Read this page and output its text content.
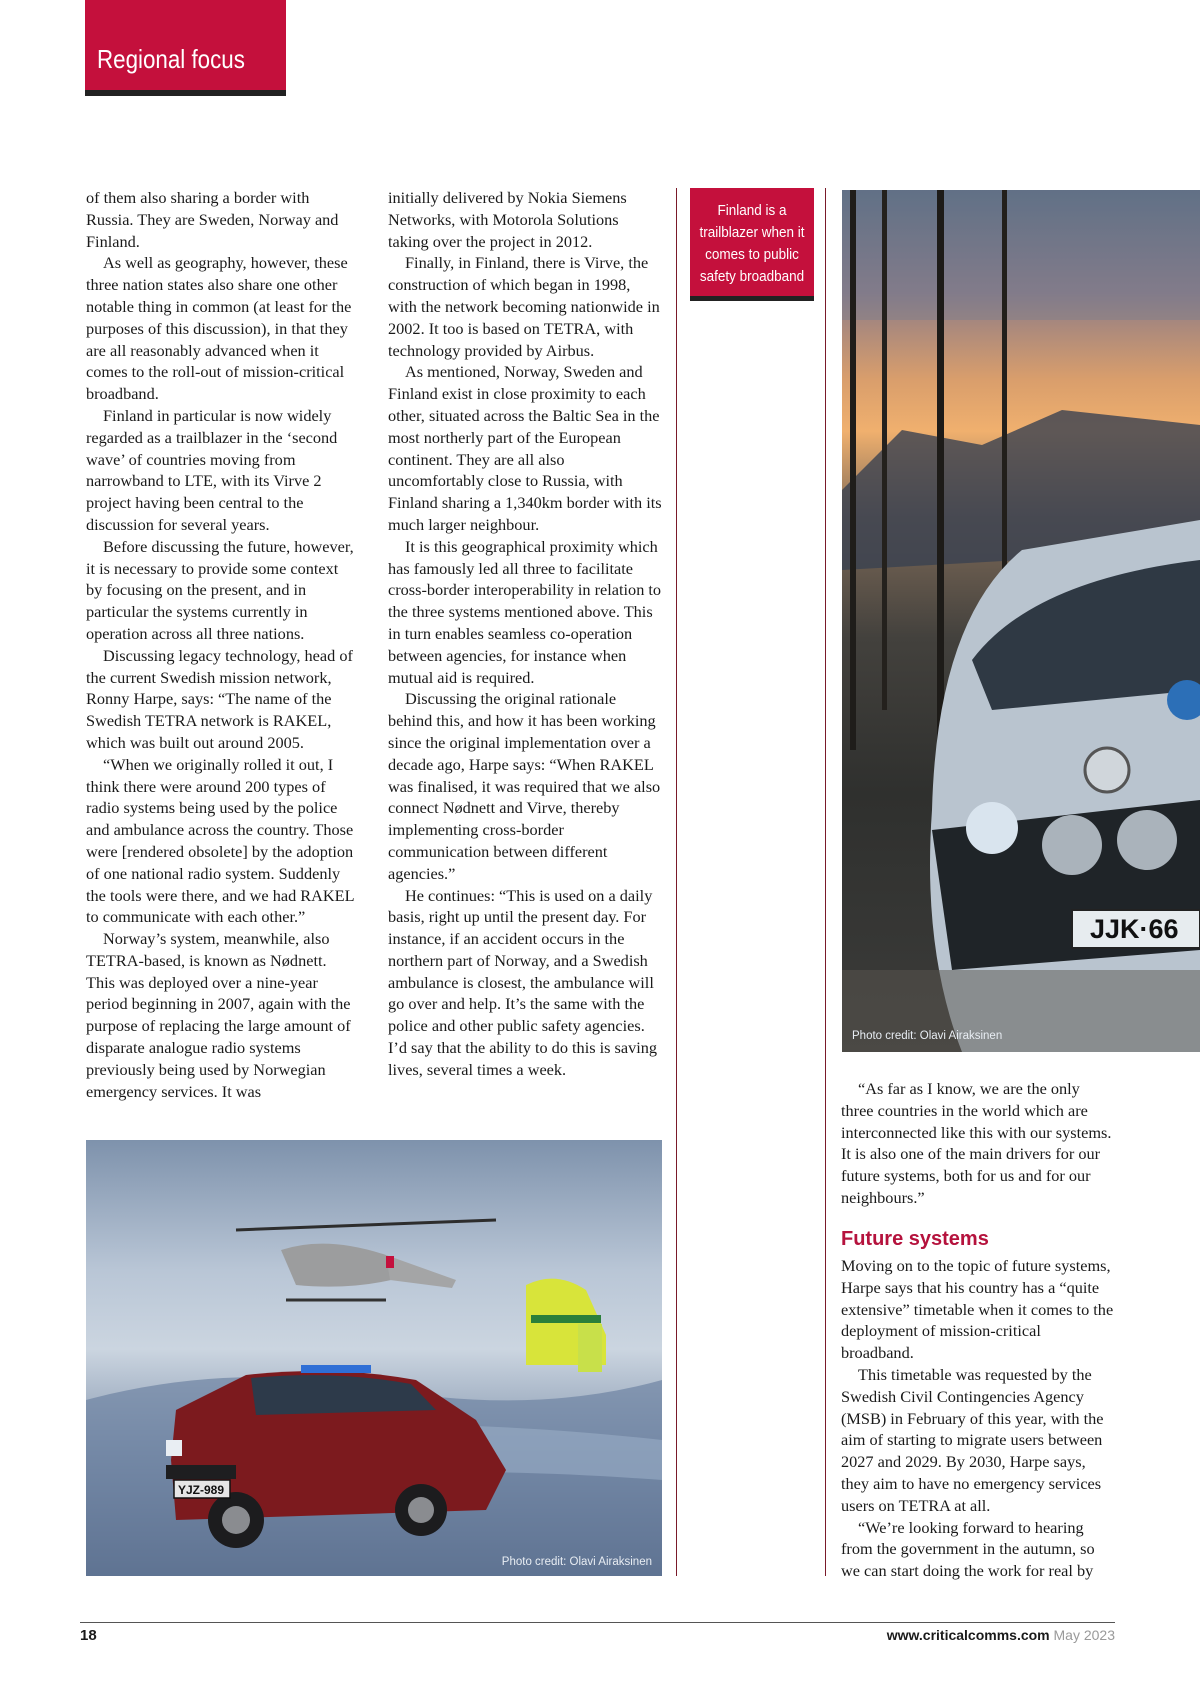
Regional focus

of them also sharing a border with Russia. They are Sweden, Norway and Finland.

As well as geography, however, these three nation states also share one other notable thing in common (at least for the purposes of this discussion), in that they are all reasonably advanced when it comes to the roll-out of mission-critical broadband.

Finland in particular is now widely regarded as a trailblazer in the ‘second wave’ of countries moving from narrowband to LTE, with its Virve 2 project having been central to the discussion for several years.

Before discussing the future, however, it is necessary to provide some context by focusing on the present, and in particular the systems currently in operation across all three nations.

Discussing legacy technology, head of the current Swedish mission network, Ronny Harpe, says: “The name of the Swedish TETRA network is RAKEL, which was built out around 2005.

“When we originally rolled it out, I think there were around 200 types of radio systems being used by the police and ambulance across the country. Those were [rendered obsolete] by the adoption of one national radio system. Suddenly the tools were there, and we had RAKEL to communicate with each other.”

Norway’s system, meanwhile, also TETRA-based, is known as Nødnett. This was deployed over a nine-year period beginning in 2007, again with the purpose of replacing the large amount of disparate analogue radio systems previously being used by Norwegian emergency services. It was

initially delivered by Nokia Siemens Networks, with Motorola Solutions taking over the project in 2012.

Finally, in Finland, there is Virve, the construction of which began in 1998, with the network becoming nationwide in 2002. It too is based on TETRA, with technology provided by Airbus.

As mentioned, Norway, Sweden and Finland exist in close proximity to each other, situated across the Baltic Sea in the most northerly part of the European continent. They are all also uncomfortably close to Russia, with Finland sharing a 1,340km border with its much larger neighbour.

It is this geographical proximity which has famously led all three to facilitate cross-border interoperability in relation to the three systems mentioned above. This in turn enables seamless co-operation between agencies, for instance when mutual aid is required.

Discussing the original rationale behind this, and how it has been working since the original implementation over a decade ago, Harpe says: “When RAKEL was finalised, it was required that we also connect Nødnett and Virve, thereby implementing cross-border communication between different agencies.”

He continues: “This is used on a daily basis, right up until the present day. For instance, if an accident occurs in the northern part of Norway, and a Swedish ambulance is closest, the ambulance will go over and help. It’s the same with the police and other public safety agencies. I’d say that the ability to do this is saving lives, several times a week.

Finland is a trailblazer when it comes to public safety broadband
JJK·66
Photo credit: Olavi Airaksinen

“As far as I know, we are the only three countries in the world which are interconnected like this with our systems. It is also one of the main drivers for our future systems, both for us and for our neighbours.”

Future systems

Moving on to the topic of future systems, Harpe says that his country has a “quite extensive” timetable when it comes to the deployment of mission-critical broadband.

This timetable was requested by the Swedish Civil Contingencies Agency (MSB) in February of this year, with the aim of starting to migrate users between 2027 and 2029. By 2030, Harpe says, they aim to have no emergency services users on TETRA at all.

“We’re looking forward to hearing from the government in the autumn, so we can start doing the work for real by

YJZ-989
Photo credit: Olavi Airaksinen
18	www.criticalcomms.com May 2023
